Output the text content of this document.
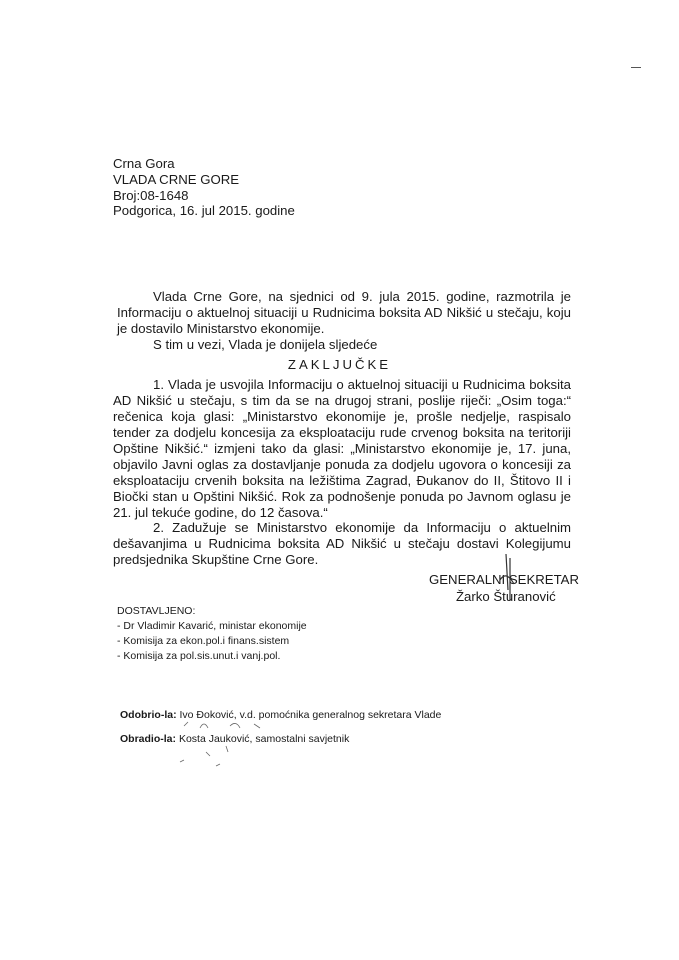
Crna Gora
VLADA CRNE GORE
Broj:08-1648
Podgorica, 16. jul 2015. godine
Vlada Crne Gore, na sjednici od 9. jula 2015. godine, razmotrila je Informaciju o aktuelnoj situaciji u Rudnicima boksita AD Nikšić u stečaju, koju je dostavilo Ministarstvo ekonomije.
S tim u vezi, Vlada je donijela sljedeće
ZAKLJUČKE
1. Vlada je usvojila Informaciju o aktuelnoj situaciji u Rudnicima boksita AD Nikšić u stečaju, s tim da se na drugoj strani, poslije riječi: „Osim toga:“ rečenica koja glasi: „Ministarstvo ekonomije je, prošle nedjelje, raspisalo tender za dodjelu koncesija za eksploataciju rude crvenog boksita na teritoriji Opštine Nikšić.“ izmjeni tako da glasi: „Ministarstvo ekonomije je, 17. juna, objavilo Javni oglas za dostavljanje ponuda za dodjelu ugovora o koncesiji za eksploataciju crvenih boksita na ležištima Zagrad, Đukanov do II, Štitovo II i Biočki stan u Opštini Nikšić. Rok za podnošenje ponuda po Javnom oglasu je 21. jul tekuće godine, do 12 časova.“
2. Zadužuje se Ministarstvo ekonomije da Informaciju o aktuelnim dešavanjima u Rudnicima boksita AD Nikšić u stečaju dostavi Kolegijumu predsjednika Skupštine Crne Gore.
GENERALNI SEKRETAR
Žarko Šturanović
DOSTAVLJENO:
- Dr Vladimir Kavarić, ministar ekonomije
- Komisija za ekon.pol.i finans.sistem
- Komisija za pol.sis.unut.i vanj.pol.
Odobrio-la: Ivo Đoković, v.d. pomoćnika generalnog sekretara Vlade
Obradio-la: Kosta Jauković, samostalni savjetnik
